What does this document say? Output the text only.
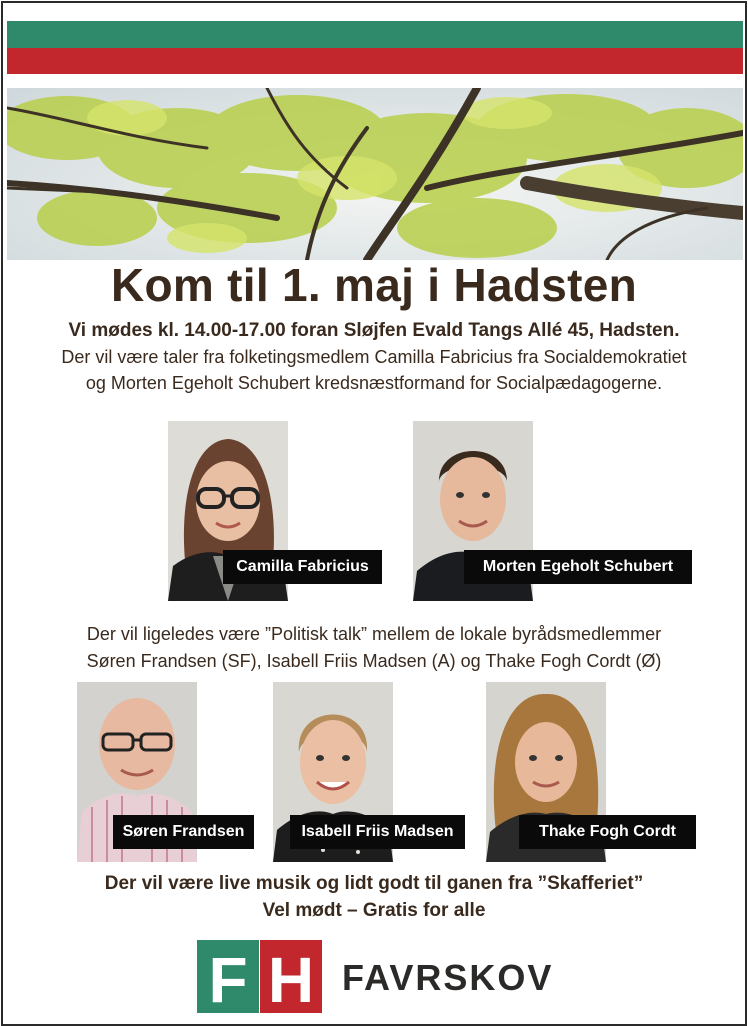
Kom til 1. maj i Hadsten
Vi mødes kl. 14.00-17.00 foran Sløjfen Evald Tangs Allé 45, Hadsten.
Der vil være taler fra folketingsmedlem Camilla Fabricius fra Socialdemokratiet
og Morten Egeholt Schubert kredsnæstformand for Socialpædagogerne.
Camilla Fabricius	Morten Egeholt Schubert
Der vil ligeledes være ”Politisk talk” mellem de lokale byrådsmedlemmer
Søren Frandsen (SF), Isabell Friis Madsen (A) og Thake Fogh Cordt (Ø)
Søren Frandsen	Isabell Friis Madsen	Thake Fogh Cordt
Der vil være live musik og lidt godt til ganen fra ”Skafferiet”
Vel mødt – Gratis for alle
F H FAVRSKOV
